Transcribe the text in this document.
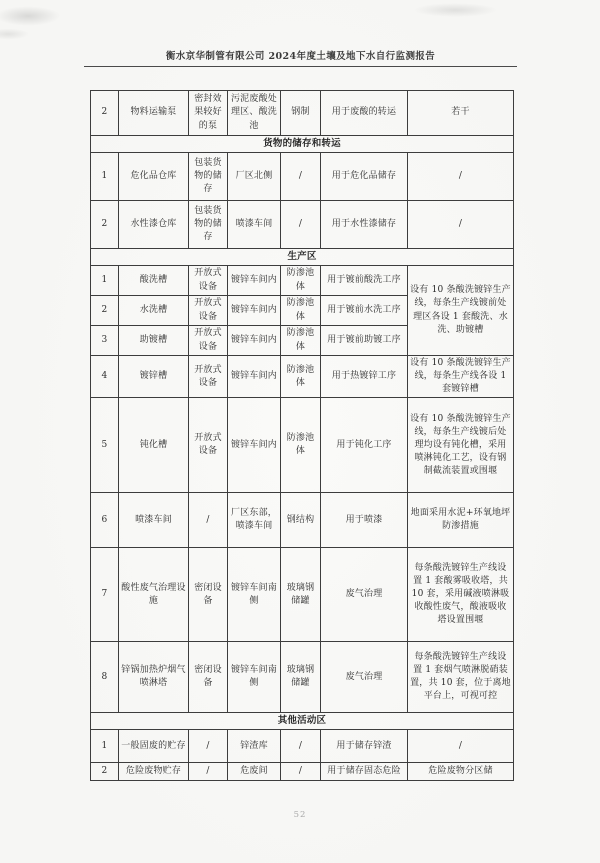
衡水京华制管有限公司 2024年度土壤及地下水自行监测报告
2	物料运输泵	密封效果较好的泵	污泥废酸处理区、酸洗池	钢制	用于废酸的转运	若干
货物的储存和转运						
1	危化品仓库	包装货物的储存	厂区北侧	/	用于危化品储存	/
2	水性漆仓库	包装货物的储存	喷漆车间	/	用于水性漆储存	/
生产区						
1	酸洗槽	开放式设备	镀锌车间内	防渗池体	用于镀前酸洗工序	设有 10 条酸洗镀锌生产线，每条生产线镀前处理区各设 1 套酸洗、水洗、助镀槽
2	水洗槽	开放式设备	镀锌车间内	防渗池体	用于镀前水洗工序	
3	助镀槽	开放式设备	镀锌车间内	防渗池体	用于镀前助镀工序	
4	镀锌槽	开放式设备	镀锌车间内	防渗池体	用于热镀锌工序	设有 10 条酸洗镀锌生产线，每条生产线各设 1 套镀锌槽
5	钝化槽	开放式设备	镀锌车间内	防渗池体	用于钝化工序	设有 10 条酸洗镀锌生产线，每条生产线镀后处理均设有钝化槽，采用喷淋钝化工艺，设有钢制截流装置或围堰
6	喷漆车间	/	厂区东部，喷漆车间	钢结构	用于喷漆	地面采用水泥+环氧地坪防渗措施
7	酸性废气治理设施	密闭设备	镀锌车间南侧	玻璃钢储罐	废气治理	每条酸洗镀锌生产线设置 1 套酸雾吸收塔，共 10 套，采用碱液喷淋吸收酸性废气，酸液吸收塔设置围堰
8	锌锅加热炉烟气喷淋塔	密闭设备	镀锌车间南侧	玻璃钢储罐	废气治理	每条酸洗镀锌生产线设置 1 套烟气喷淋脱硝装置，共 10 套，位于离地平台上，可视可控
其他活动区						
1	一般固废的贮存	/	锌渣库	/	用于储存锌渣	/
2	危险废物贮存	/	危废间	/	用于储存固态危险	危险废物分区储
52
